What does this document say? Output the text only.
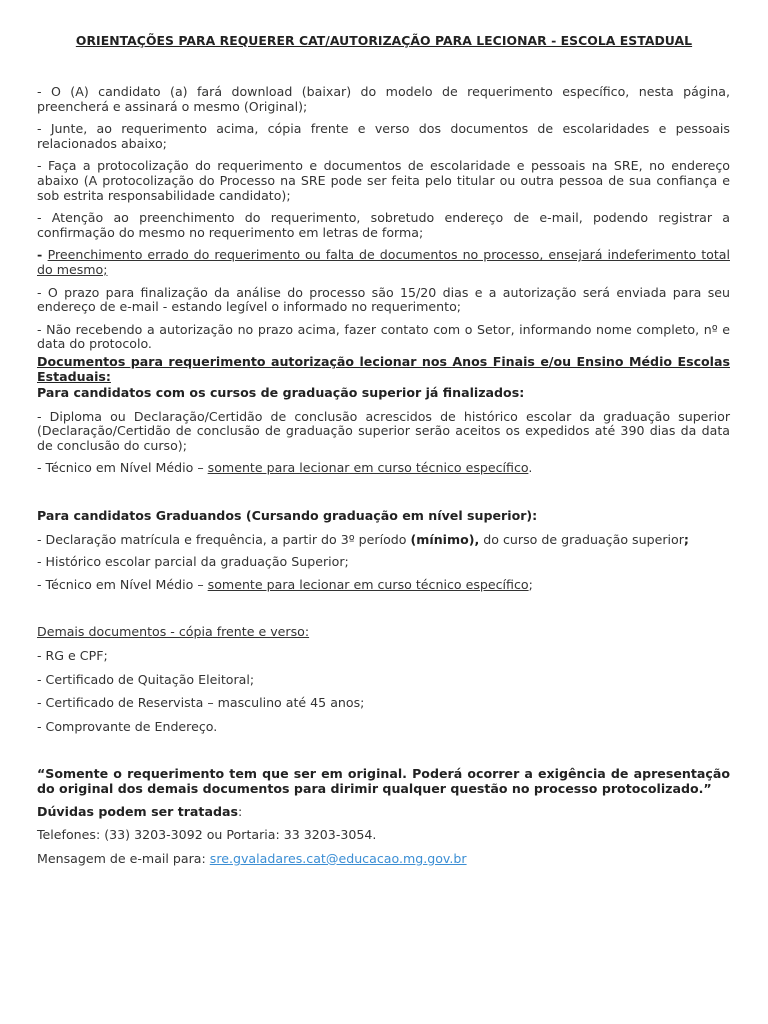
ORIENTAÇÕES PARA REQUERER CAT/AUTORIZAÇÃO PARA LECIONAR - ESCOLA ESTADUAL

- O (A) candidato (a) fará download (baixar) do modelo de requerimento específico, nesta página, preencherá e assinará o mesmo (Original);

- Junte, ao requerimento acima, cópia frente e verso dos documentos de escolaridades e pessoais relacionados abaixo;

- Faça a protocolização do requerimento e documentos de escolaridade e pessoais na SRE, no endereço abaixo (A protocolização do Processo na SRE pode ser feita pelo titular ou outra pessoa de sua confiança e sob estrita responsabilidade candidato);

- Atenção ao preenchimento do requerimento, sobretudo endereço de e-mail, podendo registrar a confirmação do mesmo no requerimento em letras de forma;

- Preenchimento errado do requerimento ou falta de documentos no processo, ensejará indeferimento total do mesmo;

- O prazo para finalização da análise do processo são 15/20 dias e a autorização será enviada para seu endereço de e-mail - estando legível o informado no requerimento;

- Não recebendo a autorização no prazo acima, fazer contato com o Setor, informando nome completo, nº e data do protocolo.

Documentos para requerimento autorização lecionar nos Anos Finais e/ou Ensino Médio Escolas Estaduais:

Para candidatos com os cursos de graduação superior já finalizados:

- Diploma ou Declaração/Certidão de conclusão acrescidos de histórico escolar da graduação superior (Declaração/Certidão de conclusão de graduação superior serão aceitos os expedidos até 390 dias da data de conclusão do curso);

- Técnico em Nível Médio – somente para lecionar em curso técnico específico.

Para candidatos Graduandos (Cursando graduação em nível superior):

- Declaração matrícula e frequência, a partir do 3º período (mínimo), do curso de graduação superior;

- Histórico escolar parcial da graduação Superior;

- Técnico em Nível Médio – somente para lecionar em curso técnico específico;

Demais documentos - cópia frente e verso:

- RG e CPF;

- Certificado de Quitação Eleitoral;

- Certificado de Reservista – masculino até 45 anos;

- Comprovante de Endereço.

“Somente o requerimento tem que ser em original. Poderá ocorrer a exigência de apresentação do original dos demais documentos para dirimir qualquer questão no processo protocolizado.”

Dúvidas podem ser tratadas:

Telefones: (33) 3203-3092 ou Portaria: 33 3203-3054.

Mensagem de e-mail para: sre.gvaladares.cat@educacao.mg.gov.br
